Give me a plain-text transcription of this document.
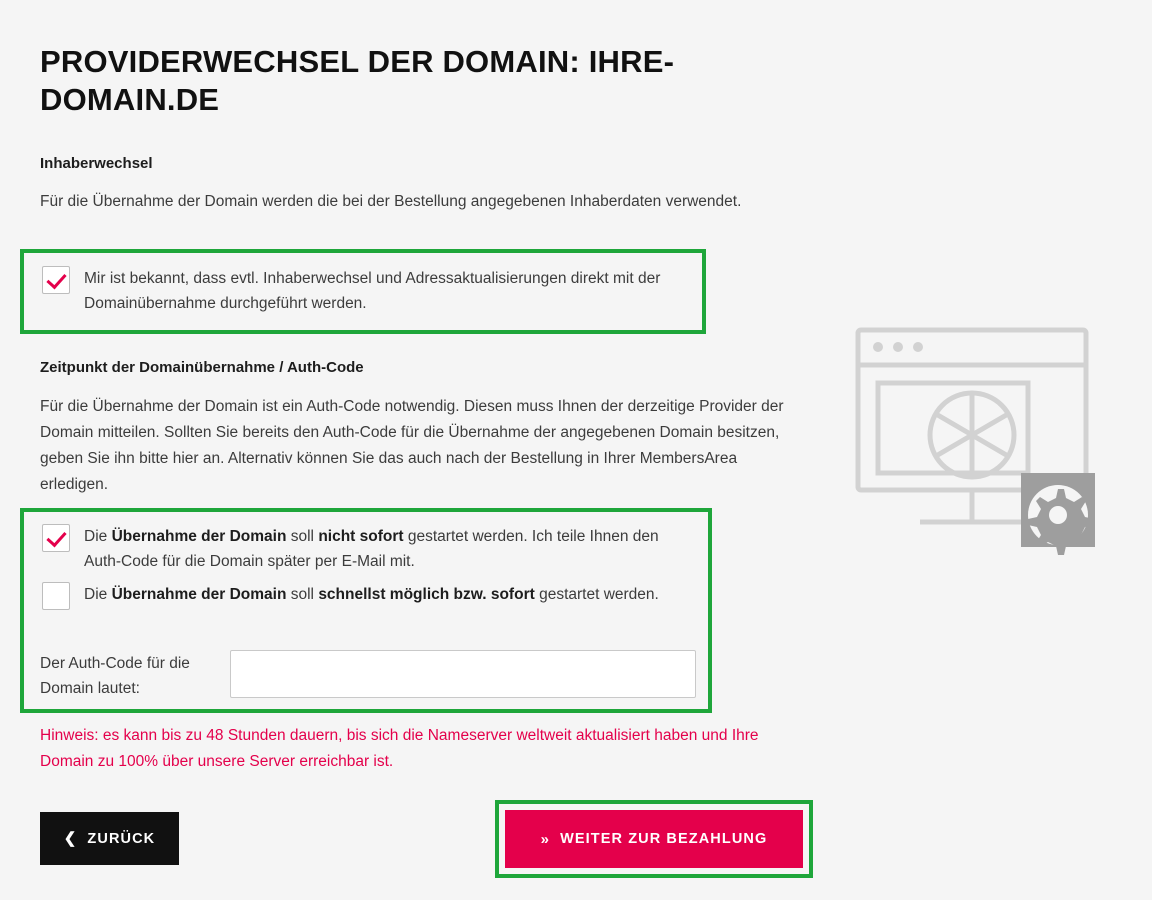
PROVIDERWECHSEL DER DOMAIN: IHRE-DOMAIN.DE
Inhaberwechsel
Für die Übernahme der Domain werden die bei der Bestellung angegebenen Inhaberdaten verwendet.
Mir ist bekannt, dass evtl. Inhaberwechsel und Adressaktualisierungen direkt mit der Domainübernahme durchgeführt werden.
Zeitpunkt der Domainübernahme / Auth-Code
Für die Übernahme der Domain ist ein Auth-Code notwendig. Diesen muss Ihnen der derzeitige Provider der Domain mitteilen. Sollten Sie bereits den Auth-Code für die Übernahme der angegebenen Domain besitzen, geben Sie ihn bitte hier an. Alternativ können Sie das auch nach der Bestellung in Ihrer MembersArea erledigen.
Die Übernahme der Domain soll nicht sofort gestartet werden. Ich teile Ihnen den Auth-Code für die Domain später per E-Mail mit.
Die Übernahme der Domain soll schnellst möglich bzw. sofort gestartet werden.
Der Auth-Code für die Domain lautet:
Hinweis: es kann bis zu 48 Stunden dauern, bis sich die Nameserver weltweit aktualisiert haben und Ihre Domain zu 100% über unsere Server erreichbar ist.
❮ ZURÜCK	» WEITER ZUR BEZAHLUNG
